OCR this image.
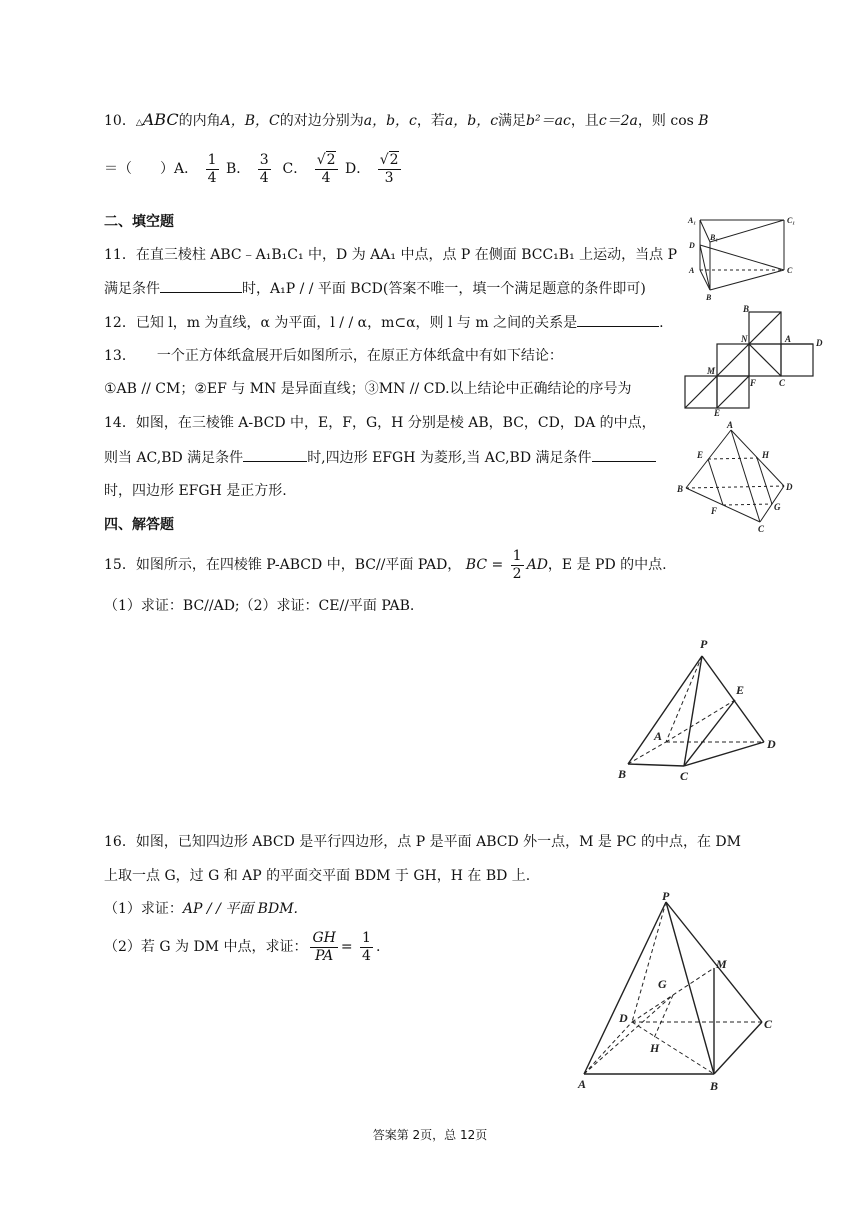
10．△ABC的内角A，B，C的对边分别为a，b，c，若a，b，c满足b²＝ac，且c＝2a，则 cos B
＝（　　）A． $\frac{1}{4}$ B． $\frac{3}{4}$ C． $\frac{√2}{4}$ D． $\frac{√2}{3}$
二、填空题
11．在直三棱柱 ABC﹣A₁B₁C₁ 中，D 为 AA₁ 中点，点 P 在侧面 BCC₁B₁ 上运动，当点 P
满足条件	时，A₁P / / 平面 BCD(答案不唯一，填一个满足题意的条件即可)
12．已知 l，m 为直线，α 为平面，l / / α，m⊂α，则 l 与 m 之间的关系是	.
13．　　一个正方体纸盒展开后如图所示，在原正方体纸盒中有如下结论：
①AB // CM；②EF 与 MN 是异面直线；③MN // CD.以上结论中正确结论的序号为
14．如图，在三棱锥 A-BCD 中，E，F，G，H 分别是棱 AB，BC，CD，DA 的中点，
则当 AC,BD 满足条件	时,四边形 EFGH 为菱形,当 AC,BD 满足条件
时，四边形 EFGH 是正方形.
四、解答题
15．如图所示，在四棱锥 P-ABCD 中，BC//平面 PAD， BC = $\frac{1}{2}$ AD，E 是 PD 的中点.
（1）求证：BC//AD;（2）求证：CE//平面 PAB.
16．如图，已知四边形 ABCD 是平行四边形，点 P 是平面 ABCD 外一点，M 是 PC 的中点，在 DM
上取一点 G，过 G 和 AP 的平面交平面 BDM 于 GH，H 在 BD 上.
（1）求证：AP / / 平面 BDM.
（2）若 G 为 DM 中点，求证： $\frac{GH}{PA} = \frac{1}{4}$ .
A₁
B₁
C₁
D
A	C
B
B
N	A	D
M
F	C
E
A
E	H
B	D
F	G
C
P
E
A
D
B	C
P
M
G
D	C
H
A	B
答案第 2页，总 12页
